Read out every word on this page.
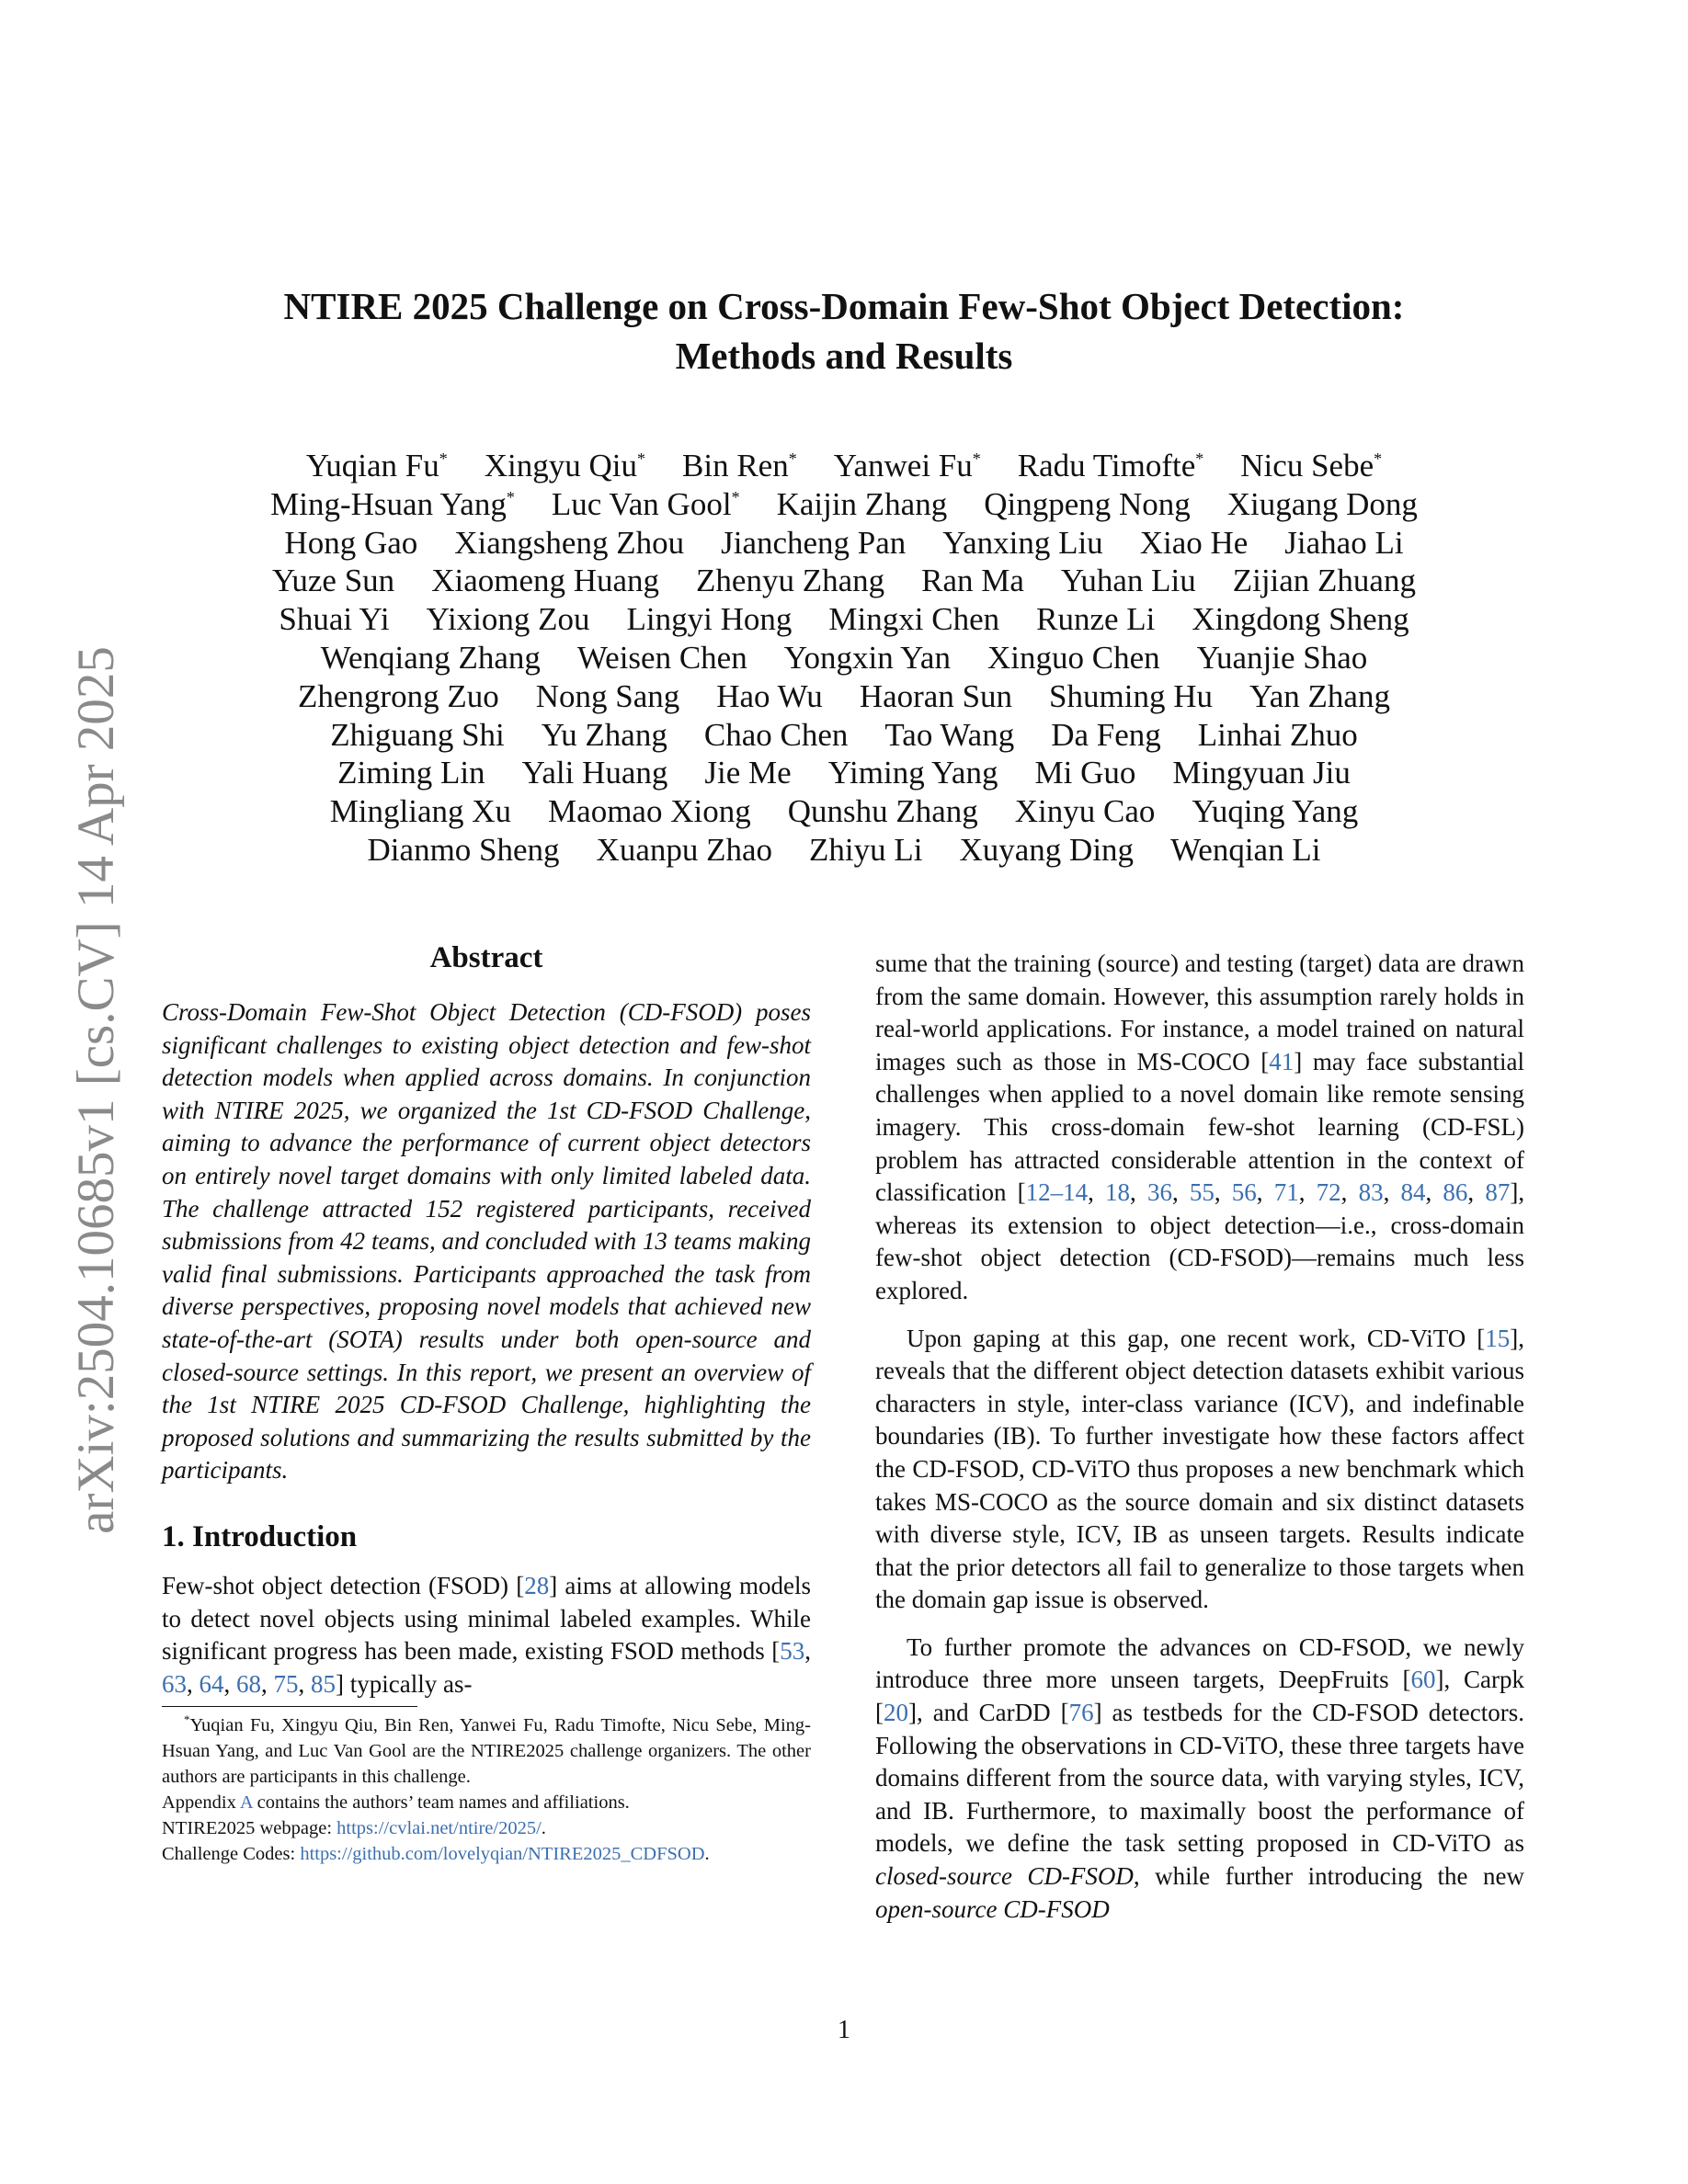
arXiv:2504.10685v1 [cs.CV] 14 Apr 2025
NTIRE 2025 Challenge on Cross-Domain Few-Shot Object Detection:
Methods and Results
Yuqian Fu* Xingyu Qiu* Bin Ren* Yanwei Fu* Radu Timofte* Nicu Sebe*
Ming-Hsuan Yang* Luc Van Gool* Kaijin Zhang Qingpeng Nong Xiugang Dong
Hong Gao Xiangsheng Zhou Jiancheng Pan Yanxing Liu Xiao He Jiahao Li
Yuze Sun Xiaomeng Huang Zhenyu Zhang Ran Ma Yuhan Liu Zijian Zhuang
Shuai Yi Yixiong Zou Lingyi Hong Mingxi Chen Runze Li Xingdong Sheng
Wenqiang Zhang Weisen Chen Yongxin Yan Xinguo Chen Yuanjie Shao
Zhengrong Zuo Nong Sang Hao Wu Haoran Sun Shuming Hu Yan Zhang
Zhiguang Shi Yu Zhang Chao Chen Tao Wang Da Feng Linhai Zhuo
Ziming Lin Yali Huang Jie Me Yiming Yang Mi Guo Mingyuan Jiu
Mingliang Xu Maomao Xiong Qunshu Zhang Xinyu Cao Yuqing Yang
Dianmo Sheng Xuanpu Zhao Zhiyu Li Xuyang Ding Wenqian Li
Abstract

Cross-Domain Few-Shot Object Detection (CD-FSOD) poses significant challenges to existing object detection and few-shot detection models when applied across domains. In conjunction with NTIRE 2025, we organized the 1st CD-FSOD Challenge, aiming to advance the performance of current object detectors on entirely novel target domains with only limited labeled data. The challenge attracted 152 registered participants, received submissions from 42 teams, and concluded with 13 teams making valid final submissions. Participants approached the task from diverse perspectives, proposing novel models that achieved new state-of-the-art (SOTA) results under both open-source and closed-source settings. In this report, we present an overview of the 1st NTIRE 2025 CD-FSOD Challenge, highlighting the proposed solutions and summarizing the results submitted by the participants.

1. Introduction

Few-shot object detection (FSOD) [28] aims at allowing models to detect novel objects using minimal labeled examples. While significant progress has been made, existing FSOD methods [53, 63, 64, 68, 75, 85] typically as-

*Yuqian Fu, Xingyu Qiu, Bin Ren, Yanwei Fu, Radu Timofte, Nicu Sebe, Ming-Hsuan Yang, and Luc Van Gool are the NTIRE2025 challenge organizers. The other authors are participants in this challenge.

Appendix A contains the authors’ team names and affiliations.

NTIRE2025 webpage: https://cvlai.net/ntire/2025/.

Challenge Codes: https://github.com/lovelyqian/NTIRE2025_CDFSOD.

sume that the training (source) and testing (target) data are drawn from the same domain. However, this assumption rarely holds in real-world applications. For instance, a model trained on natural images such as those in MS-COCO [41] may face substantial challenges when applied to a novel domain like remote sensing imagery. This cross-domain few-shot learning (CD-FSL) problem has attracted considerable attention in the context of classification [12–14, 18, 36, 55, 56, 71, 72, 83, 84, 86, 87], whereas its extension to object detection—i.e., cross-domain few-shot object detection (CD-FSOD)—remains much less explored.

Upon gaping at this gap, one recent work, CD-ViTO [15], reveals that the different object detection datasets exhibit various characters in style, inter-class variance (ICV), and indefinable boundaries (IB). To further investigate how these factors affect the CD-FSOD, CD-ViTO thus proposes a new benchmark which takes MS-COCO as the source domain and six distinct datasets with diverse style, ICV, IB as unseen targets. Results indicate that the prior detectors all fail to generalize to those targets when the domain gap issue is observed.

To further promote the advances on CD-FSOD, we newly introduce three more unseen targets, DeepFruits [60], Carpk [20], and CarDD [76] as testbeds for the CD-FSOD detectors. Following the observations in CD-ViTO, these three targets have domains different from the source data, with varying styles, ICV, and IB. Furthermore, to maximally boost the performance of models, we define the task setting proposed in CD-ViTO as closed-source CD-FSOD, while further introducing the new open-source CD-FSOD

1
